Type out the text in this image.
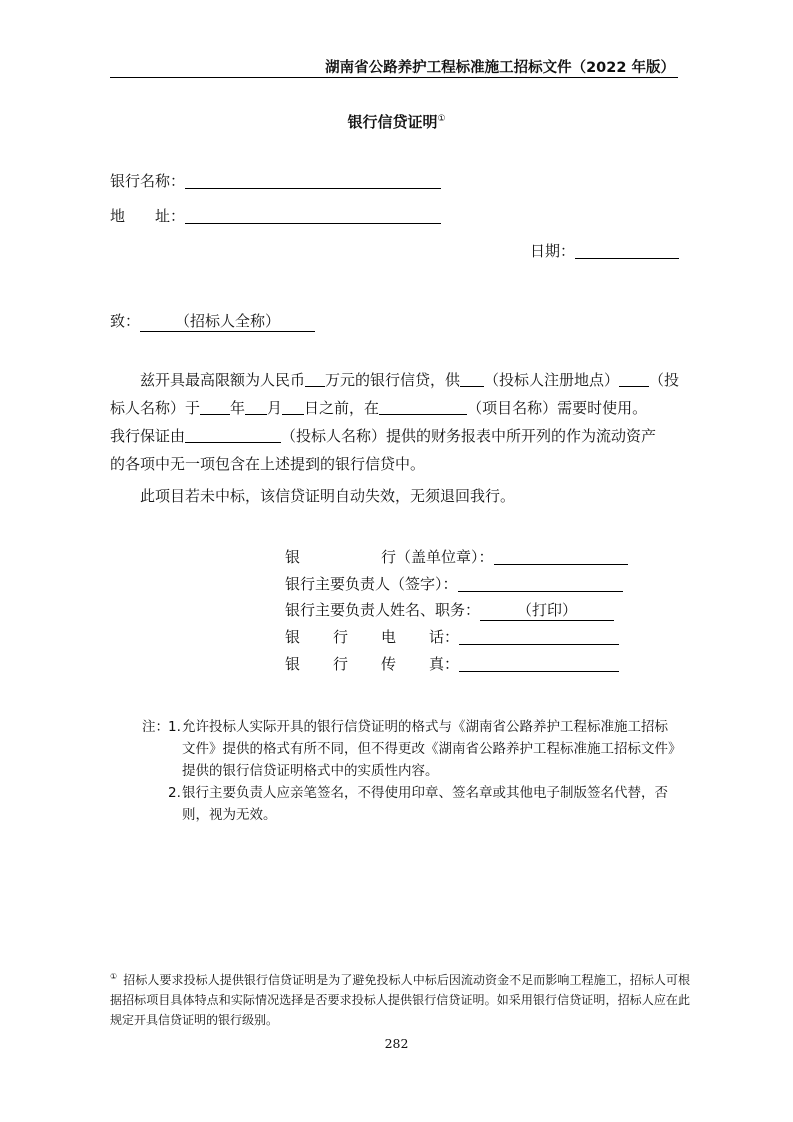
湖南省公路养护工程标准施工招标文件（2022 年版）
银行信贷证明①
银行名称：
地 址：
日期：
致： （招标人全称）
兹开具最高限额为人民币 万元的银行信贷，供 （投标人注册地点） （投
标人名称）于 年 月 日之前，在	（项目名称）需要时使用。
我行保证由	（投标人名称）提供的财务报表中所开列的作为流动资产
的各项中无一项包含在上述提到的银行信贷中。
此项目若未中标，该信贷证明自动失效，无须退回我行。
银	行（盖单位章）：
银行主要负责人（签字）：
银行主要负责人姓名、职务： （打印）
银 行 电 话：
银 行 传 真：
注： 1. 允许投标人实际开具的银行信贷证明的格式与《湖南省公路养护工程标准施工招标
文件》提供的格式有所不同，但不得更改《湖南省公路养护工程标准施工招标文件》
提供的银行信贷证明格式中的实质性内容。
2. 银行主要负责人应亲笔签名，不得使用印章、签名章或其他电子制版签名代替，否
则，视为无效。
① 招标人要求投标人提供银行信贷证明是为了避免投标人中标后因流动资金不足而影响工程施工，招标人可根据招标项目具体特点和实际情况选择是否要求投标人提供银行信贷证明。如采用银行信贷证明，招标人应在此规定开具信贷证明的银行级别。
282
